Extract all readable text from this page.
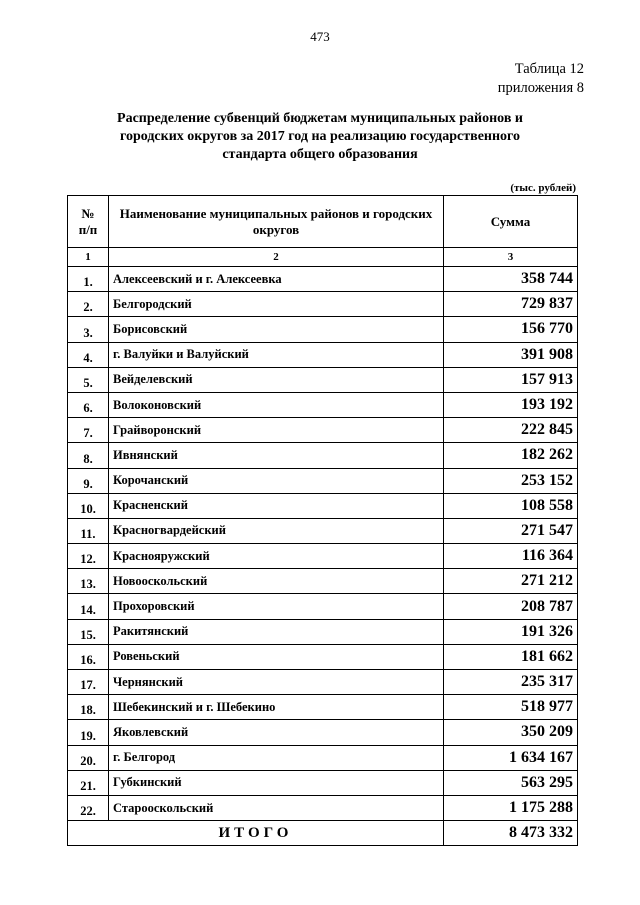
473
Таблица 12
приложения 8
Распределение субвенций бюджетам муниципальных районов и
городских округов за 2017 год на реализацию государственного
стандарта общего образования
(тыс. рублей)
№
п/п	Наименование муниципальных районов и городских округов	Сумма
1	2	3
1.	Алексеевский и г. Алексеевка	358 744
2.	Белгородский	729 837
3.	Борисовский	156 770
4.	г. Валуйки и Валуйский	391 908
5.	Вейделевский	157 913
6.	Волоконовский	193 192
7.	Грайворонский	222 845
8.	Ивнянский	182 262
9.	Корочанский	253 152
10.	Красненский	108 558
11.	Красногвардейский	271 547
12.	Краснояружский	116 364
13.	Новооскольский	271 212
14.	Прохоровский	208 787
15.	Ракитянский	191 326
16.	Ровеньский	181 662
17.	Чернянский	235 317
18.	Шебекинский и г. Шебекино	518 977
19.	Яковлевский	350 209
20.	г. Белгород	1 634 167
21.	Губкинский	563 295
22.	Старооскольский	1 175 288
ИТОГО		8 473 332
